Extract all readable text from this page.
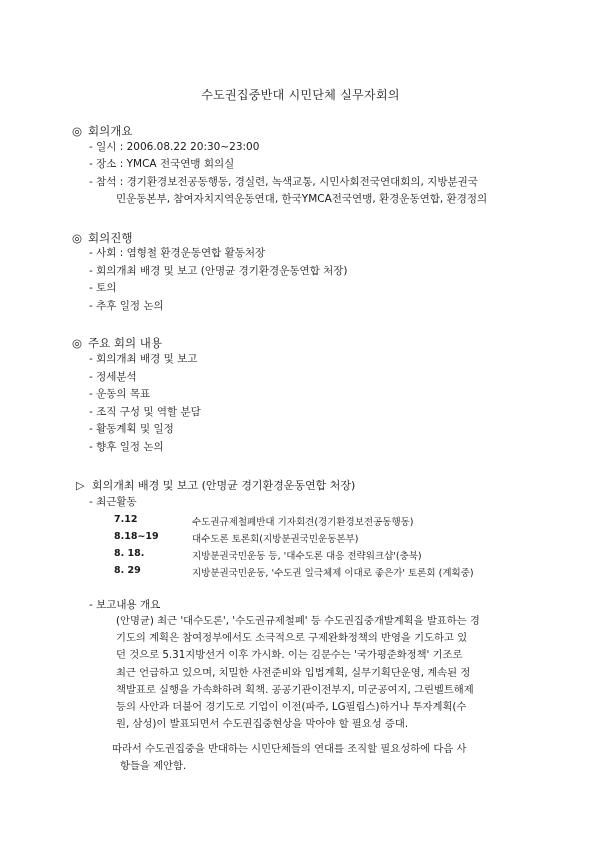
수도권집중반대 시민단체 실무자회의
◎ 회의개요
- 일시 : 2006.08.22 20:30~23:00
- 장소 : YMCA 전국연맹 회의실
- 참석 : 경기환경보전공동행동, 경실련, 녹색교통, 시민사회전국연대회의, 지방분권국
민운동본부, 참여자치지역운동연대, 한국YMCA전국연맹, 환경운동연합, 환경정의
◎ 회의진행
- 사회 : 염형철 환경운동연합 활동처장
- 회의개최 배경 및 보고 (안명균 경기환경운동연합 처장)
- 토의
- 추후 일정 논의
◎ 주요 회의 내용
- 회의개최 배경 및 보고
- 정세분석
- 운동의 목표
- 조직 구성 및 역할 분담
- 활동계획 및 일정
- 향후 일정 논의
▷ 회의개최 배경 및 보고 (안명균 경기환경운동연합 처장)
- 최근활동
7.12	수도권규제철폐반대 기자회견(경기환경보전공동행동)
8.18~19	대수도론 토론회(지방분권국민운동본부)
8. 18.	지방분권국민운동 등, '대수도론 대응 전략워크샵'(충북)
8. 29	지방분권국민운동, '수도권 일극체제 이대로 좋은가' 토론회 (계획중)
- 보고내용 개요
(안명균) 최근 '대수도론', '수도권규제철폐' 등 수도권집중개발계획을 발표하는 경
기도의 계획은 참여정부에서도 소극적으로 구제완화정책의 반영을 기도하고 있
던 것으로 5.31지방선거 이후 가시화. 이는 김문수는 '국가평준화정책' 기조로
최근 언급하고 있으며, 치밀한 사전준비와 입법계획, 실무기획단운영, 계속된 정
책발표로 실행을 가속화하려 획책. 공공기관이전부지, 미군공여지, 그린벨트해제
등의 사안과 더불어 경기도로 기업이 이전(파주, LG필립스)하거나 투자계획(수
원, 삼성)이 발표되면서 수도권집중현상을 막아야 할 필요성 증대.
따라서 수도권집중을 반대하는 시민단체들의 연대를 조직할 필요성하에 다음 사
항들을 제안함.
